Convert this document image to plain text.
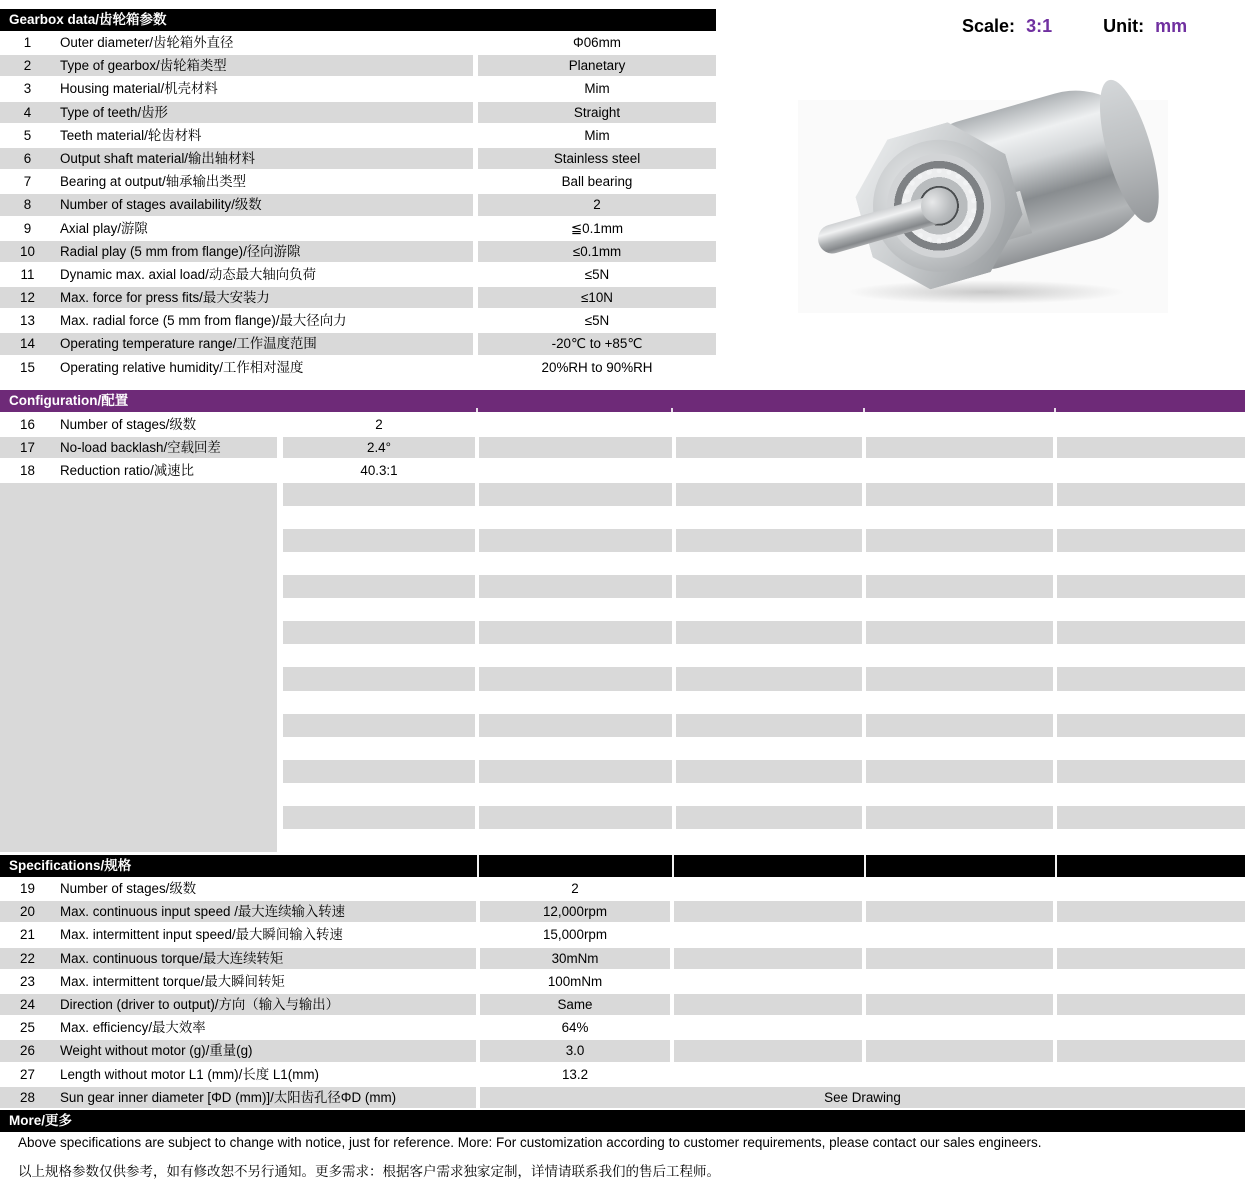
Gearbox data/齿轮箱参数
1	Outer diameter/齿轮箱外直径	Φ06mm
2	Type of gearbox/齿轮箱类型	Planetary
3	Housing material/机壳材料	Mim
4	Type of teeth/齿形	Straight
5	Teeth material/轮齿材料	Mim
6	Output shaft material/输出轴材料	Stainless steel
7	Bearing at output/轴承输出类型	Ball bearing
8	Number of stages availability/级数	2
9	Axial play/游隙	≦0.1mm
10	Radial play (5 mm from flange)/径向游隙	≤0.1mm
11	Dynamic max. axial load/动态最大轴向负荷	≤5N
12	Max. force for press fits/最大安装力	≤10N
13	Max. radial force (5 mm from flange)/最大径向力	≤5N
14	Operating temperature range/工作温度范围	-20℃ to +85℃
15	Operating relative humidity/工作相对湿度	20%RH to 90%RH
Scale: 3:1	Unit: mm
Configuration/配置
16	Number of stages/级数	2
17	No-load backlash/空载回差	2.4°
18	Reduction ratio/减速比	40.3:1
Specifications/规格
19	Number of stages/级数	2
20	Max. continuous input speed /最大连续输入转速	12,000rpm
21	Max. intermittent input speed/最大瞬间输入转速	15,000rpm
22	Max. continuous torque/最大连续转矩	30mNm
23	Max. intermittent torque/最大瞬间转矩	100mNm
24	Direction (driver to output)/方向（输入与输出）	Same
25	Max. efficiency/最大效率	64%
26	Weight without motor (g)/重量(g)	3.0
27	Length without motor L1 (mm)/长度 L1(mm)	13.2
28	Sun gear inner diameter [ΦD (mm)]/太阳齿孔径ΦD (mm)	See Drawing
More/更多
Above specifications are subject to change with notice, just for reference. More: For customization according to customer requirements, please contact our sales engineers.
以上规格参数仅供参考，如有修改恕不另行通知。更多需求：根据客户需求独家定制，详情请联系我们的售后工程师。
